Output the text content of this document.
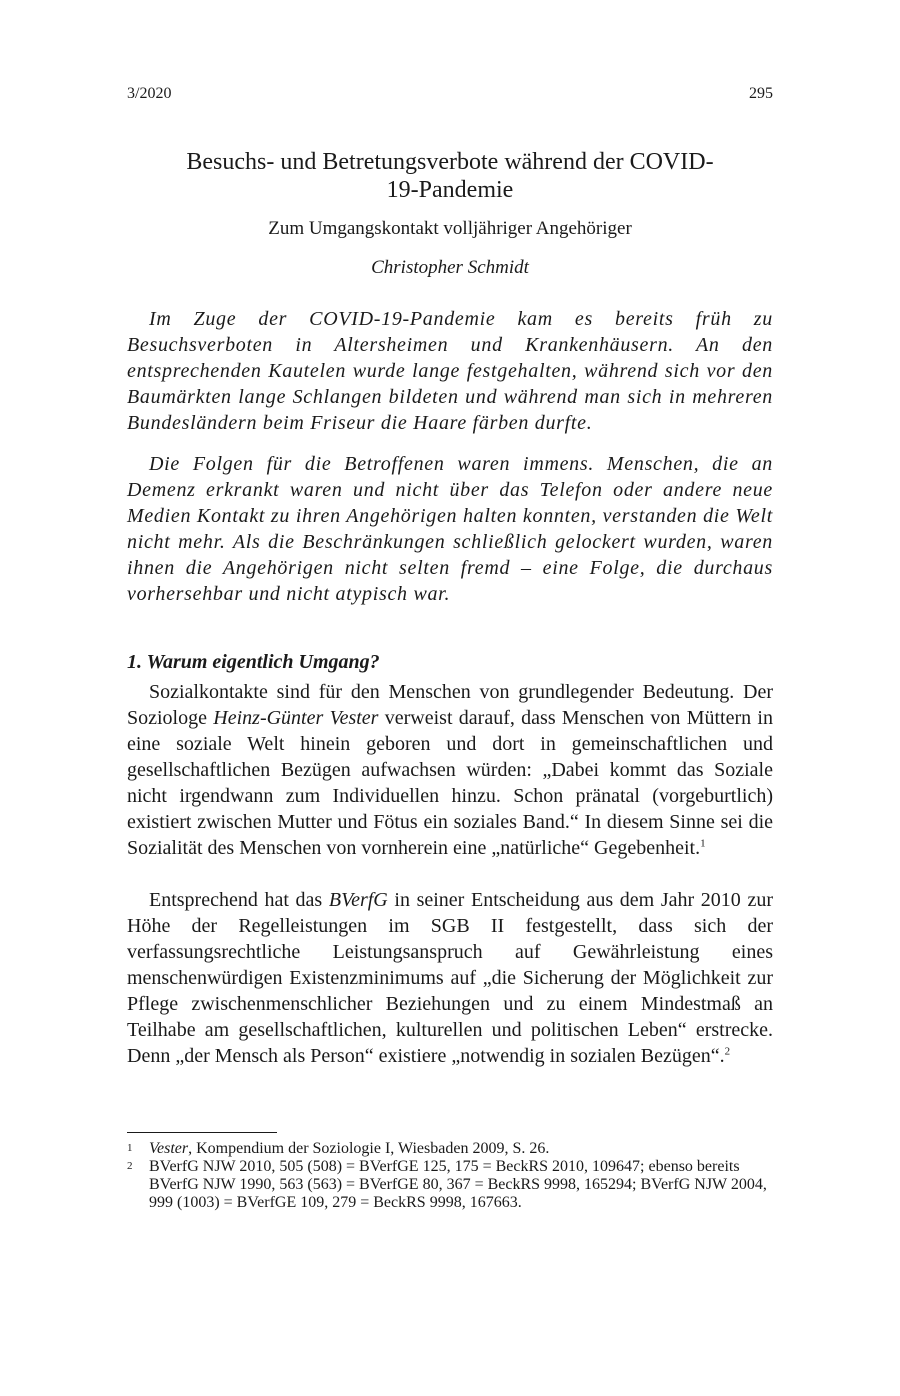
3/2020	295
Besuchs- und Betretungsverbote während der COVID-
19-Pandemie
Zum Umgangskontakt volljähriger Angehöriger
Christopher Schmidt

Im Zuge der COVID-19-Pandemie kam es bereits früh zu Besuchsverboten in Altersheimen und Krankenhäusern. An den entsprechenden Kautelen wurde lange festgehalten, während sich vor den Baumärkten lange Schlangen bildeten und während man sich in mehreren Bundesländern beim Friseur die Haare färben durfte.

Die Folgen für die Betroffenen waren immens. Menschen, die an Demenz erkrankt waren und nicht über das Telefon oder andere neue Medien Kontakt zu ihren Angehörigen halten konnten, verstanden die Welt nicht mehr. Als die Beschränkungen schließlich gelockert wurden, waren ihnen die Angehörigen nicht selten fremd – eine Folge, die durchaus vorhersehbar und nicht atypisch war.

1. Warum eigentlich Umgang?

Sozialkontakte sind für den Menschen von grundlegender Bedeutung. Der Soziologe Heinz-Günter Vester verweist darauf, dass Menschen von Müttern in eine soziale Welt hinein geboren und dort in gemeinschaftlichen und gesellschaftlichen Bezügen aufwachsen würden: „Dabei kommt das Soziale nicht irgendwann zum Individuellen hinzu. Schon pränatal (vorgeburtlich) existiert zwischen Mutter und Fötus ein soziales Band.“ In diesem Sinne sei die Sozialität des Menschen von vornherein eine „natürliche“ Gegebenheit.$^1$

Entsprechend hat das BVerfG in seiner Entscheidung aus dem Jahr 2010 zur Höhe der Regelleistungen im SGB II festgestellt, dass sich der verfassungsrechtliche Leistungsanspruch auf Gewährleistung eines menschenwürdigen Existenzminimums auf „die Sicherung der Möglichkeit zur Pflege zwischenmenschlicher Beziehungen und zu einem Mindestmaß an Teilhabe am gesellschaftlichen, kulturellen und politischen Leben“ erstrecke. Denn „der Mensch als Person“ existiere „notwendig in sozialen Bezügen“.$^2$

1 Vester, Kompendium der Soziologie I, Wiesbaden 2009, S. 26.
2 BVerfG NJW 2010, 505 (508) = BVerfGE 125, 175 = BeckRS 2010, 109647; ebenso bereits BVerfG NJW 1990, 563 (563) = BVerfGE 80, 367 = BeckRS 9998, 165294; BVerfG NJW 2004, 999 (1003) = BVerfGE 109, 279 = BeckRS 9998, 167663.
